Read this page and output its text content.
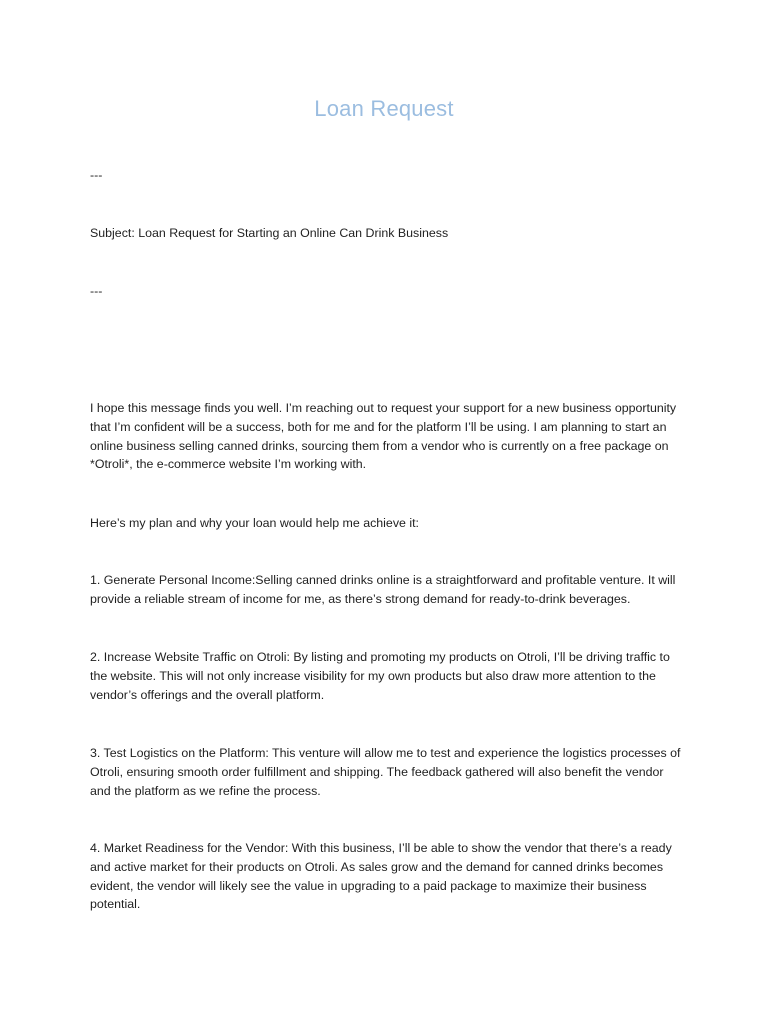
Loan Request
---
Subject: Loan Request for Starting an Online Can Drink Business
---
I hope this message finds you well. I’m reaching out to request your support for a new business opportunity that I’m confident will be a success, both for me and for the platform I’ll be using. I am planning to start an online business selling canned drinks, sourcing them from a vendor who is currently on a free package on *Otroli*, the e-commerce website I’m working with.
Here’s my plan and why your loan would help me achieve it:
1. Generate Personal Income:Selling canned drinks online is a straightforward and profitable venture. It will provide a reliable stream of income for me, as there’s strong demand for ready-to-drink beverages.
2. Increase Website Traffic on Otroli: By listing and promoting my products on Otroli, I’ll be driving traffic to the website. This will not only increase visibility for my own products but also draw more attention to the vendor’s offerings and the overall platform.
3. Test Logistics on the Platform: This venture will allow me to test and experience the logistics processes of Otroli, ensuring smooth order fulfillment and shipping. The feedback gathered will also benefit the vendor and the platform as we refine the process.
4. Market Readiness for the Vendor: With this business, I’ll be able to show the vendor that there’s a ready and active market for their products on Otroli. As sales grow and the demand for canned drinks becomes evident, the vendor will likely see the value in upgrading to a paid package to maximize their business potential.
